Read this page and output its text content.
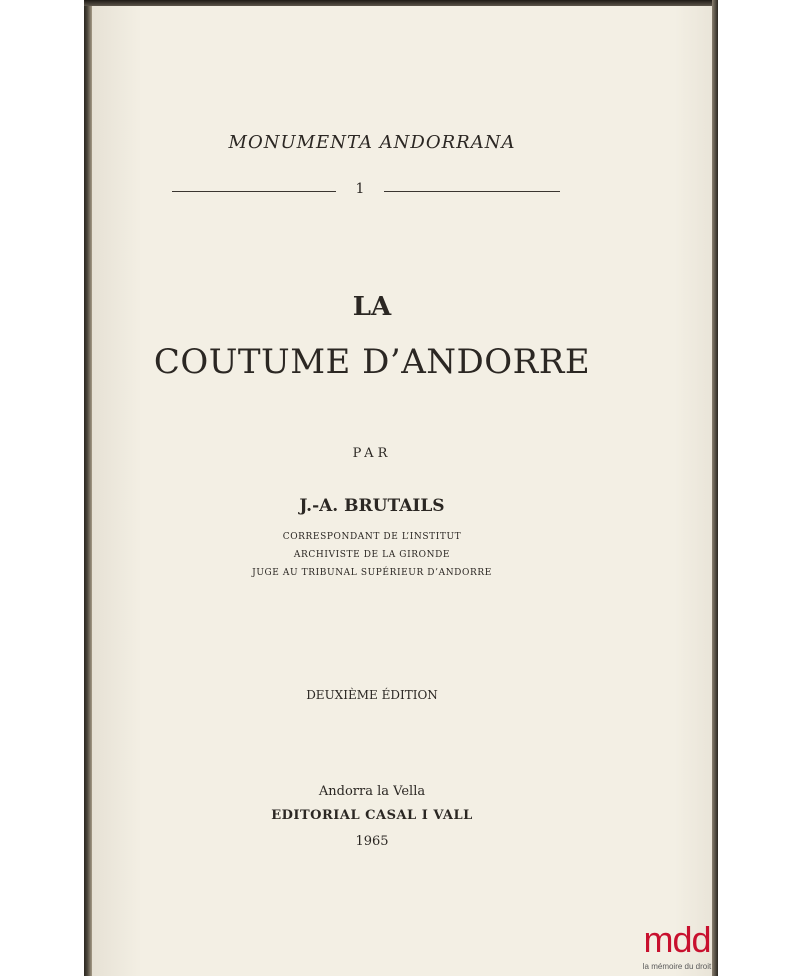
MONUMENTA ANDORRANA
1
LA
COUTUME D’ANDORRE
PAR
J.-A. BRUTAILS
CORRESPONDANT DE L’INSTITUT
ARCHIVISTE DE LA GIRONDE
JUGE AU TRIBUNAL SUPÉRIEUR D’ANDORRE
DEUXIÈME ÉDITION
Andorra la Vella
EDITORIAL CASAL I VALL
1965
mdd
la mémoire du droit
